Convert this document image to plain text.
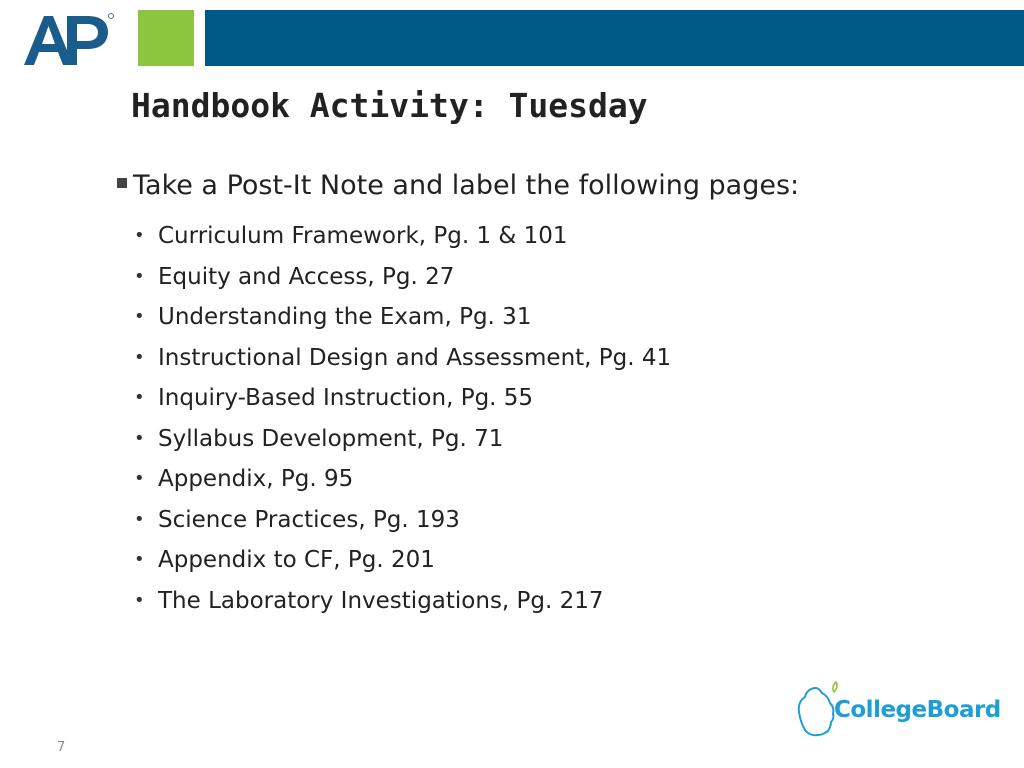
Handbook Activity: Tuesday
Take a Post-It Note and label the following pages:
• Curriculum Framework, Pg. 1 & 101
• Equity and Access, Pg. 27
• Understanding the Exam, Pg. 31
• Instructional Design and Assessment, Pg. 41
• Inquiry-Based Instruction, Pg. 55
• Syllabus Development, Pg. 71
• Appendix, Pg. 95
• Science Practices, Pg. 193
• Appendix to CF, Pg. 201
• The Laboratory Investigations, Pg. 217
7
CollegeBoard
